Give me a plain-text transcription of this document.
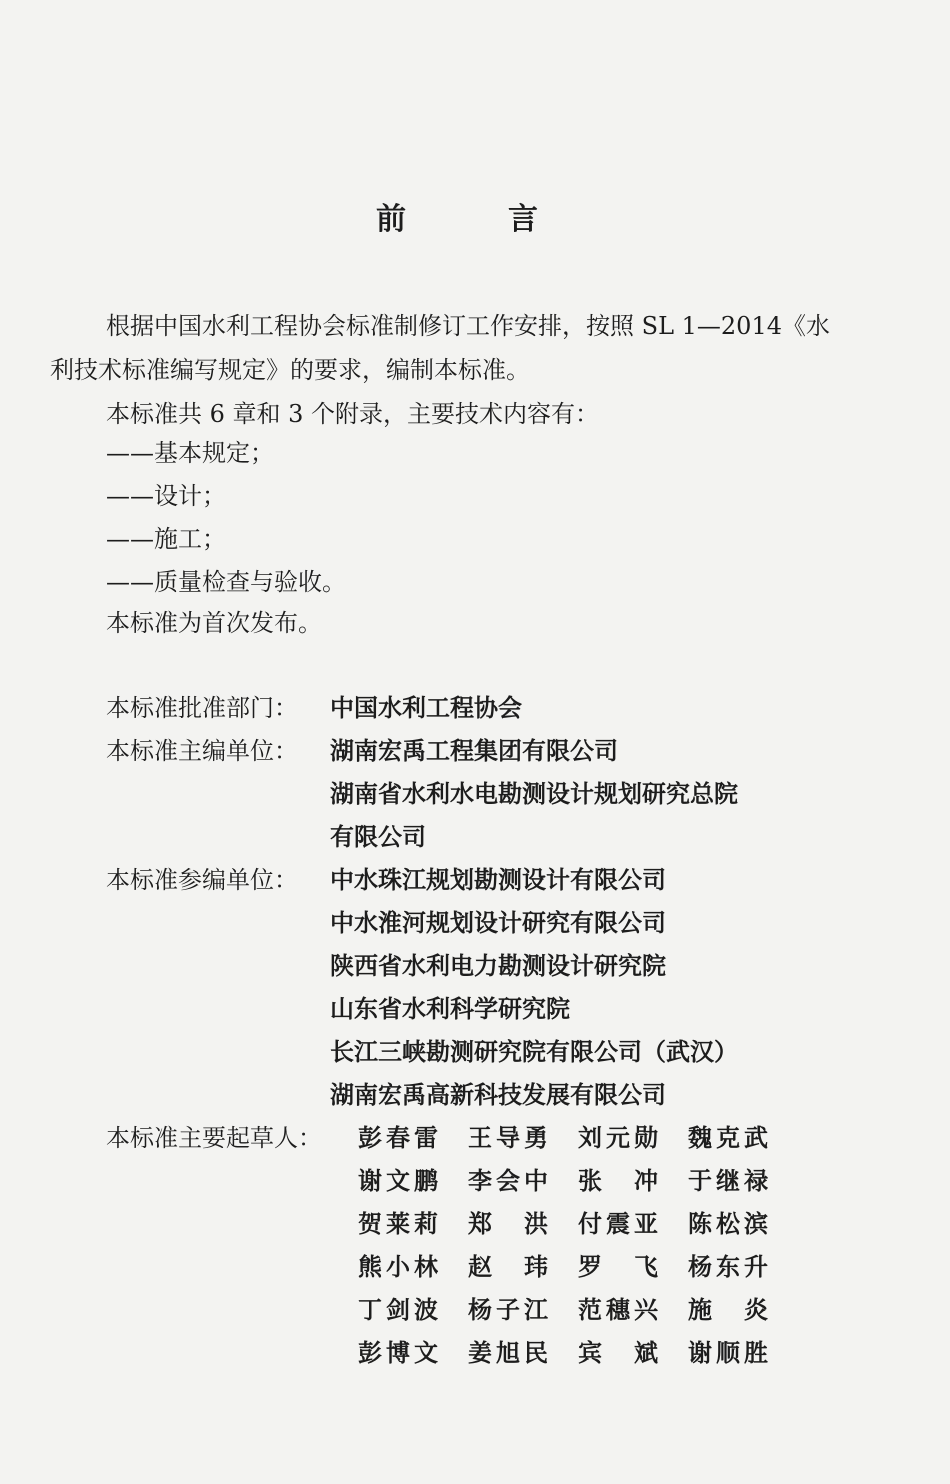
前　言
根据中国水利工程协会标准制修订工作安排，按照 SL 1—2014《水利技术标准编写规定》的要求，编制本标准。
本标准共 6 章和 3 个附录，主要技术内容有：
——基本规定；
——设计；
——施工；
——质量检查与验收。
本标准为首次发布。
本标准批准部门： 中国水利工程协会
本标准主编单位： 湖南宏禹工程集团有限公司
湖南省水利水电勘测设计规划研究总院
有限公司
本标准参编单位： 中水珠江规划勘测设计有限公司
中水淮河规划设计研究有限公司
陕西省水利电力勘测设计研究院
山东省水利科学研究院
长江三峡勘测研究院有限公司（武汉）
湖南宏禹高新科技发展有限公司
本标准主要起草人： 彭春雷 王导勇 刘元勋 魏克武
谢文鹏 李会中 张冲 于继禄
贺莱莉 郑洪 付震亚 陈松滨
熊小林 赵玮 罗飞 杨东升
丁剑波 杨子江 范穗兴 施炎
彭博文 姜旭民 宾斌 谢顺胜
